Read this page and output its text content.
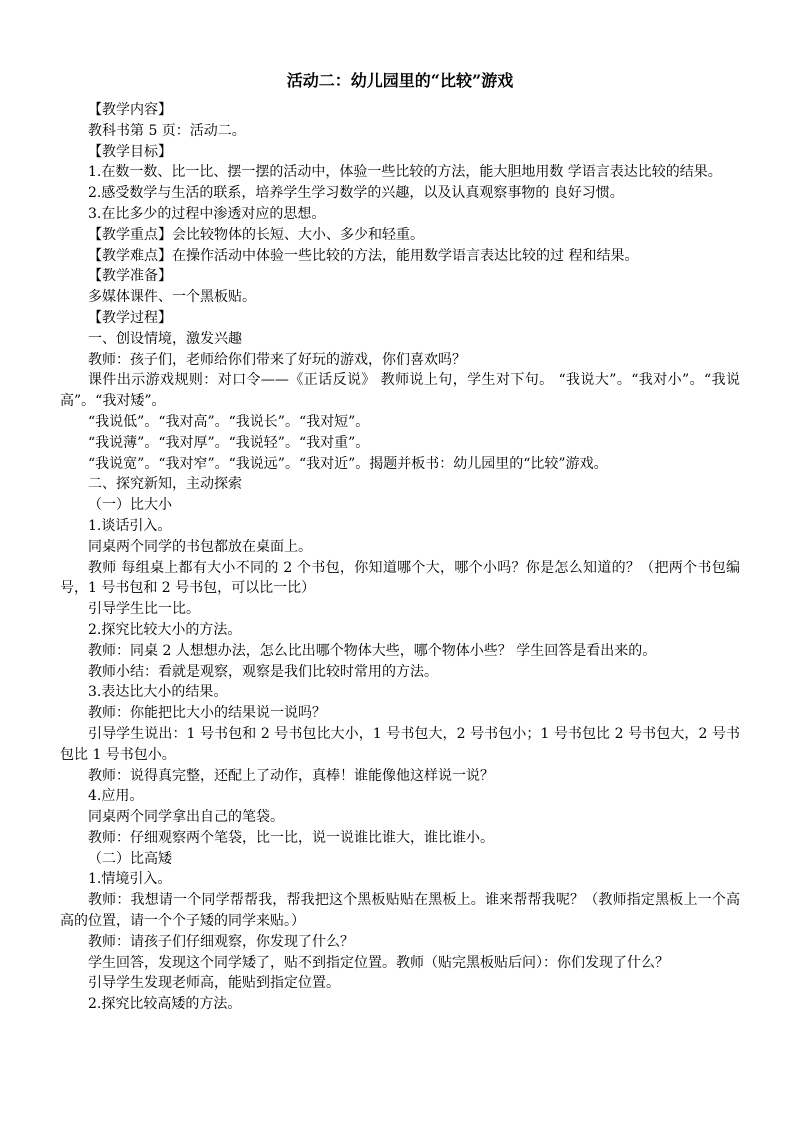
活动二：幼儿园里的“比较”游戏

【教学内容】

教科书第 5 页：活动二。

【教学目标】

1.在数一数、比一比、摆一摆的活动中，体验一些比较的方法，能大胆地用数 学语言表达比较的结果。

2.感受数学与生活的联系，培养学生学习数学的兴趣，以及认真观察事物的 良好习惯。

3.在比多少的过程中渗透对应的思想。

【教学重点】会比较物体的长短、大小、多少和轻重。

【教学难点】在操作活动中体验一些比较的方法，能用数学语言表达比较的过 程和结果。

【教学准备】

多媒体课件、一个黑板贴。

【教学过程】

一、创设情境，激发兴趣

教师：孩子们，老师给你们带来了好玩的游戏，你们喜欢吗？

课件出示游戏规则：对口令——《正话反说》 教师说上句，学生对下句。 “我说大”。“我对小”。“我说高”。“我对矮”。

“我说低”。“我对高”。“我说长”。“我对短”。

“我说薄”。“我对厚”。“我说轻”。“我对重”。

“我说宽”。“我对窄”。“我说远”。“我对近”。揭题并板书：幼儿园里的“比较”游戏。

二、探究新知，主动探索

（一）比大小

1.谈话引入。

同桌两个同学的书包都放在桌面上。

教师 每组桌上都有大小不同的 2 个书包，你知道哪个大，哪个小吗？你是怎么知道的？（把两个书包编号，1 号书包和 2 号书包，可以比一比）

引导学生比一比。

2.探究比较大小的方法。

教师：同桌 2 人想想办法，怎么比出哪个物体大些，哪个物体小些？ 学生回答是看出来的。

教师小结：看就是观察，观察是我们比较时常用的方法。

3.表达比大小的结果。

教师：你能把比大小的结果说一说吗？

引导学生说出：1 号书包和 2 号书包比大小，1 号书包大，2 号书包小；1 号书包比 2 号书包大，2 号书包比 1 号书包小。

教师：说得真完整，还配上了动作，真棒！谁能像他这样说一说？

4.应用。

同桌两个同学拿出自己的笔袋。

教师：仔细观察两个笔袋，比一比，说一说谁比谁大，谁比谁小。

（二）比高矮

1.情境引入。

教师：我想请一个同学帮帮我，帮我把这个黑板贴贴在黑板上。谁来帮帮我呢？（教师指定黑板上一个高高的位置，请一个个子矮的同学来贴。）

教师：请孩子们仔细观察，你发现了什么？

学生回答，发现这个同学矮了，贴不到指定位置。教师（贴完黑板贴后问）：你们发现了什么？

引导学生发现老师高，能贴到指定位置。

2.探究比较高矮的方法。
